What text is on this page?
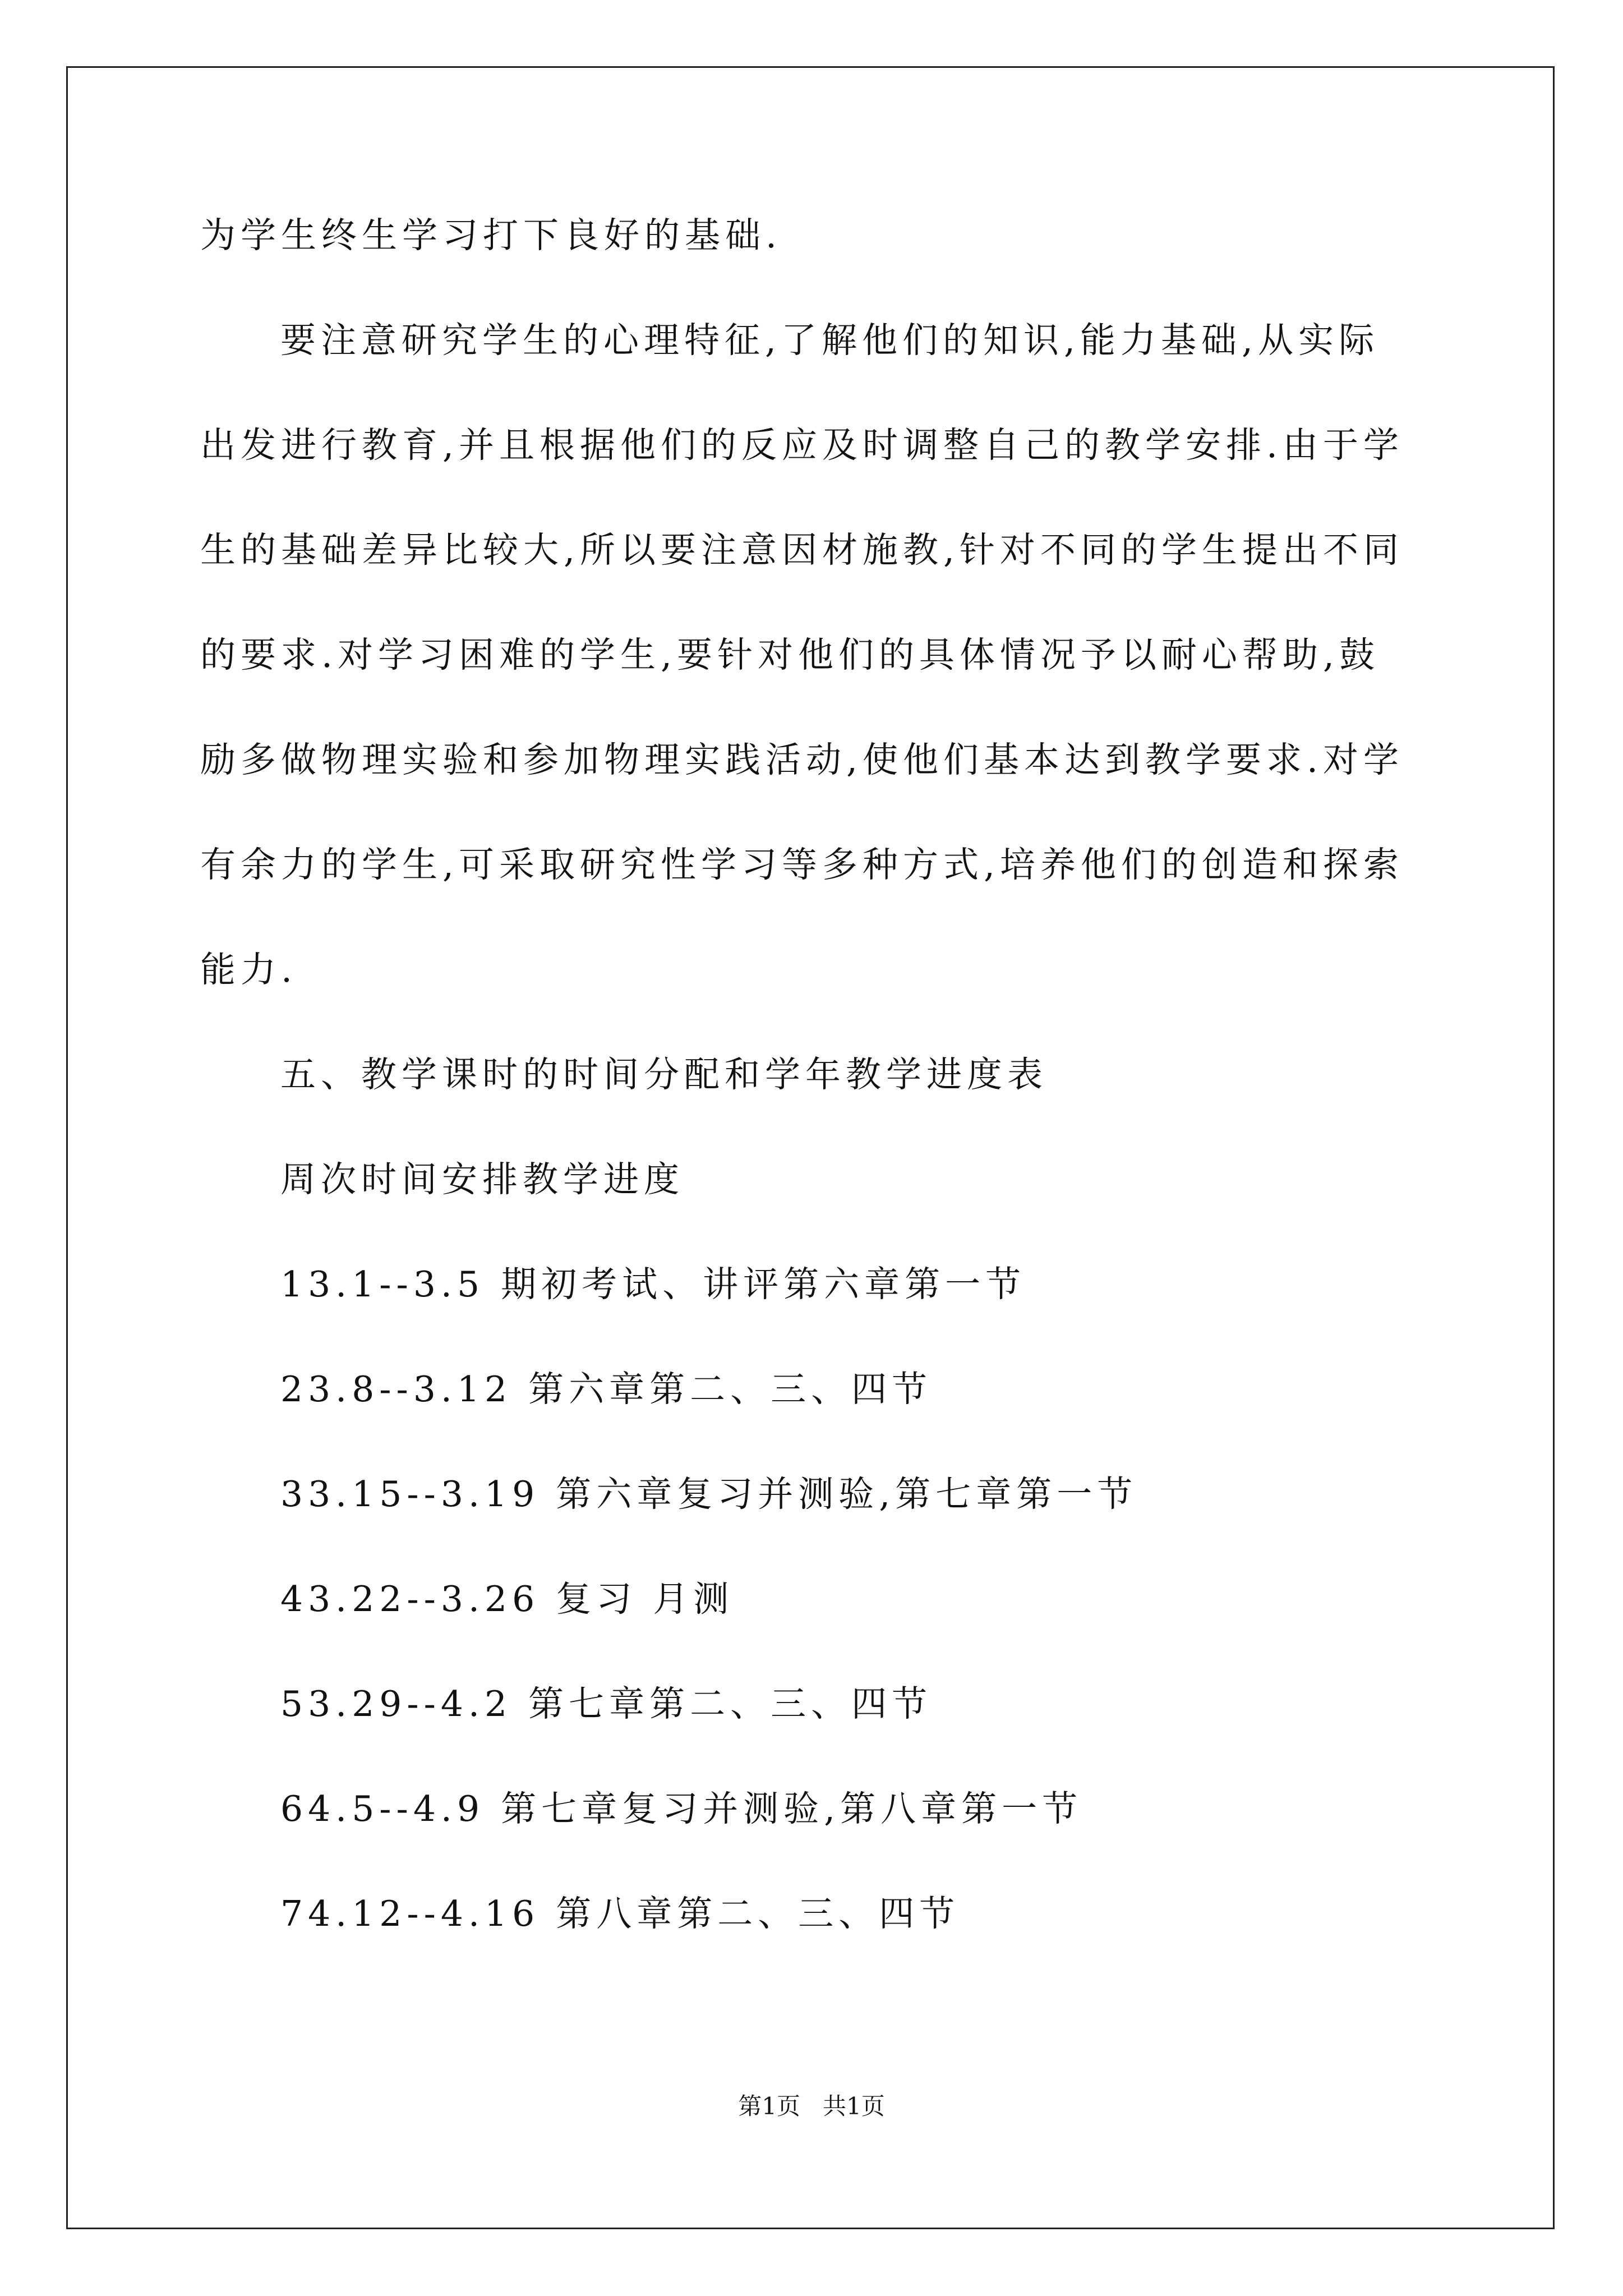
为学生终生学习打下良好的基础.
要注意研究学生的心理特征,了解他们的知识,能力基础,从实际
出发进行教育,并且根据他们的反应及时调整自己的教学安排.由于学
生的基础差异比较大,所以要注意因材施教,针对不同的学生提出不同
的要求.对学习困难的学生,要针对他们的具体情况予以耐心帮助,鼓
励多做物理实验和参加物理实践活动,使他们基本达到教学要求.对学
有余力的学生,可采取研究性学习等多种方式,培养他们的创造和探索
能力.
五、教学课时的时间分配和学年教学进度表
周次时间安排教学进度
13.1--3.5 期初考试、讲评第六章第一节
23.8--3.12 第六章第二、三、四节
33.15--3.19 第六章复习并测验,第七章第一节
43.22--3.26 复习 月测
53.29--4.2 第七章第二、三、四节
64.5--4.9 第七章复习并测验,第八章第一节
74.12--4.16 第八章第二、三、四节
第1页   共1页
